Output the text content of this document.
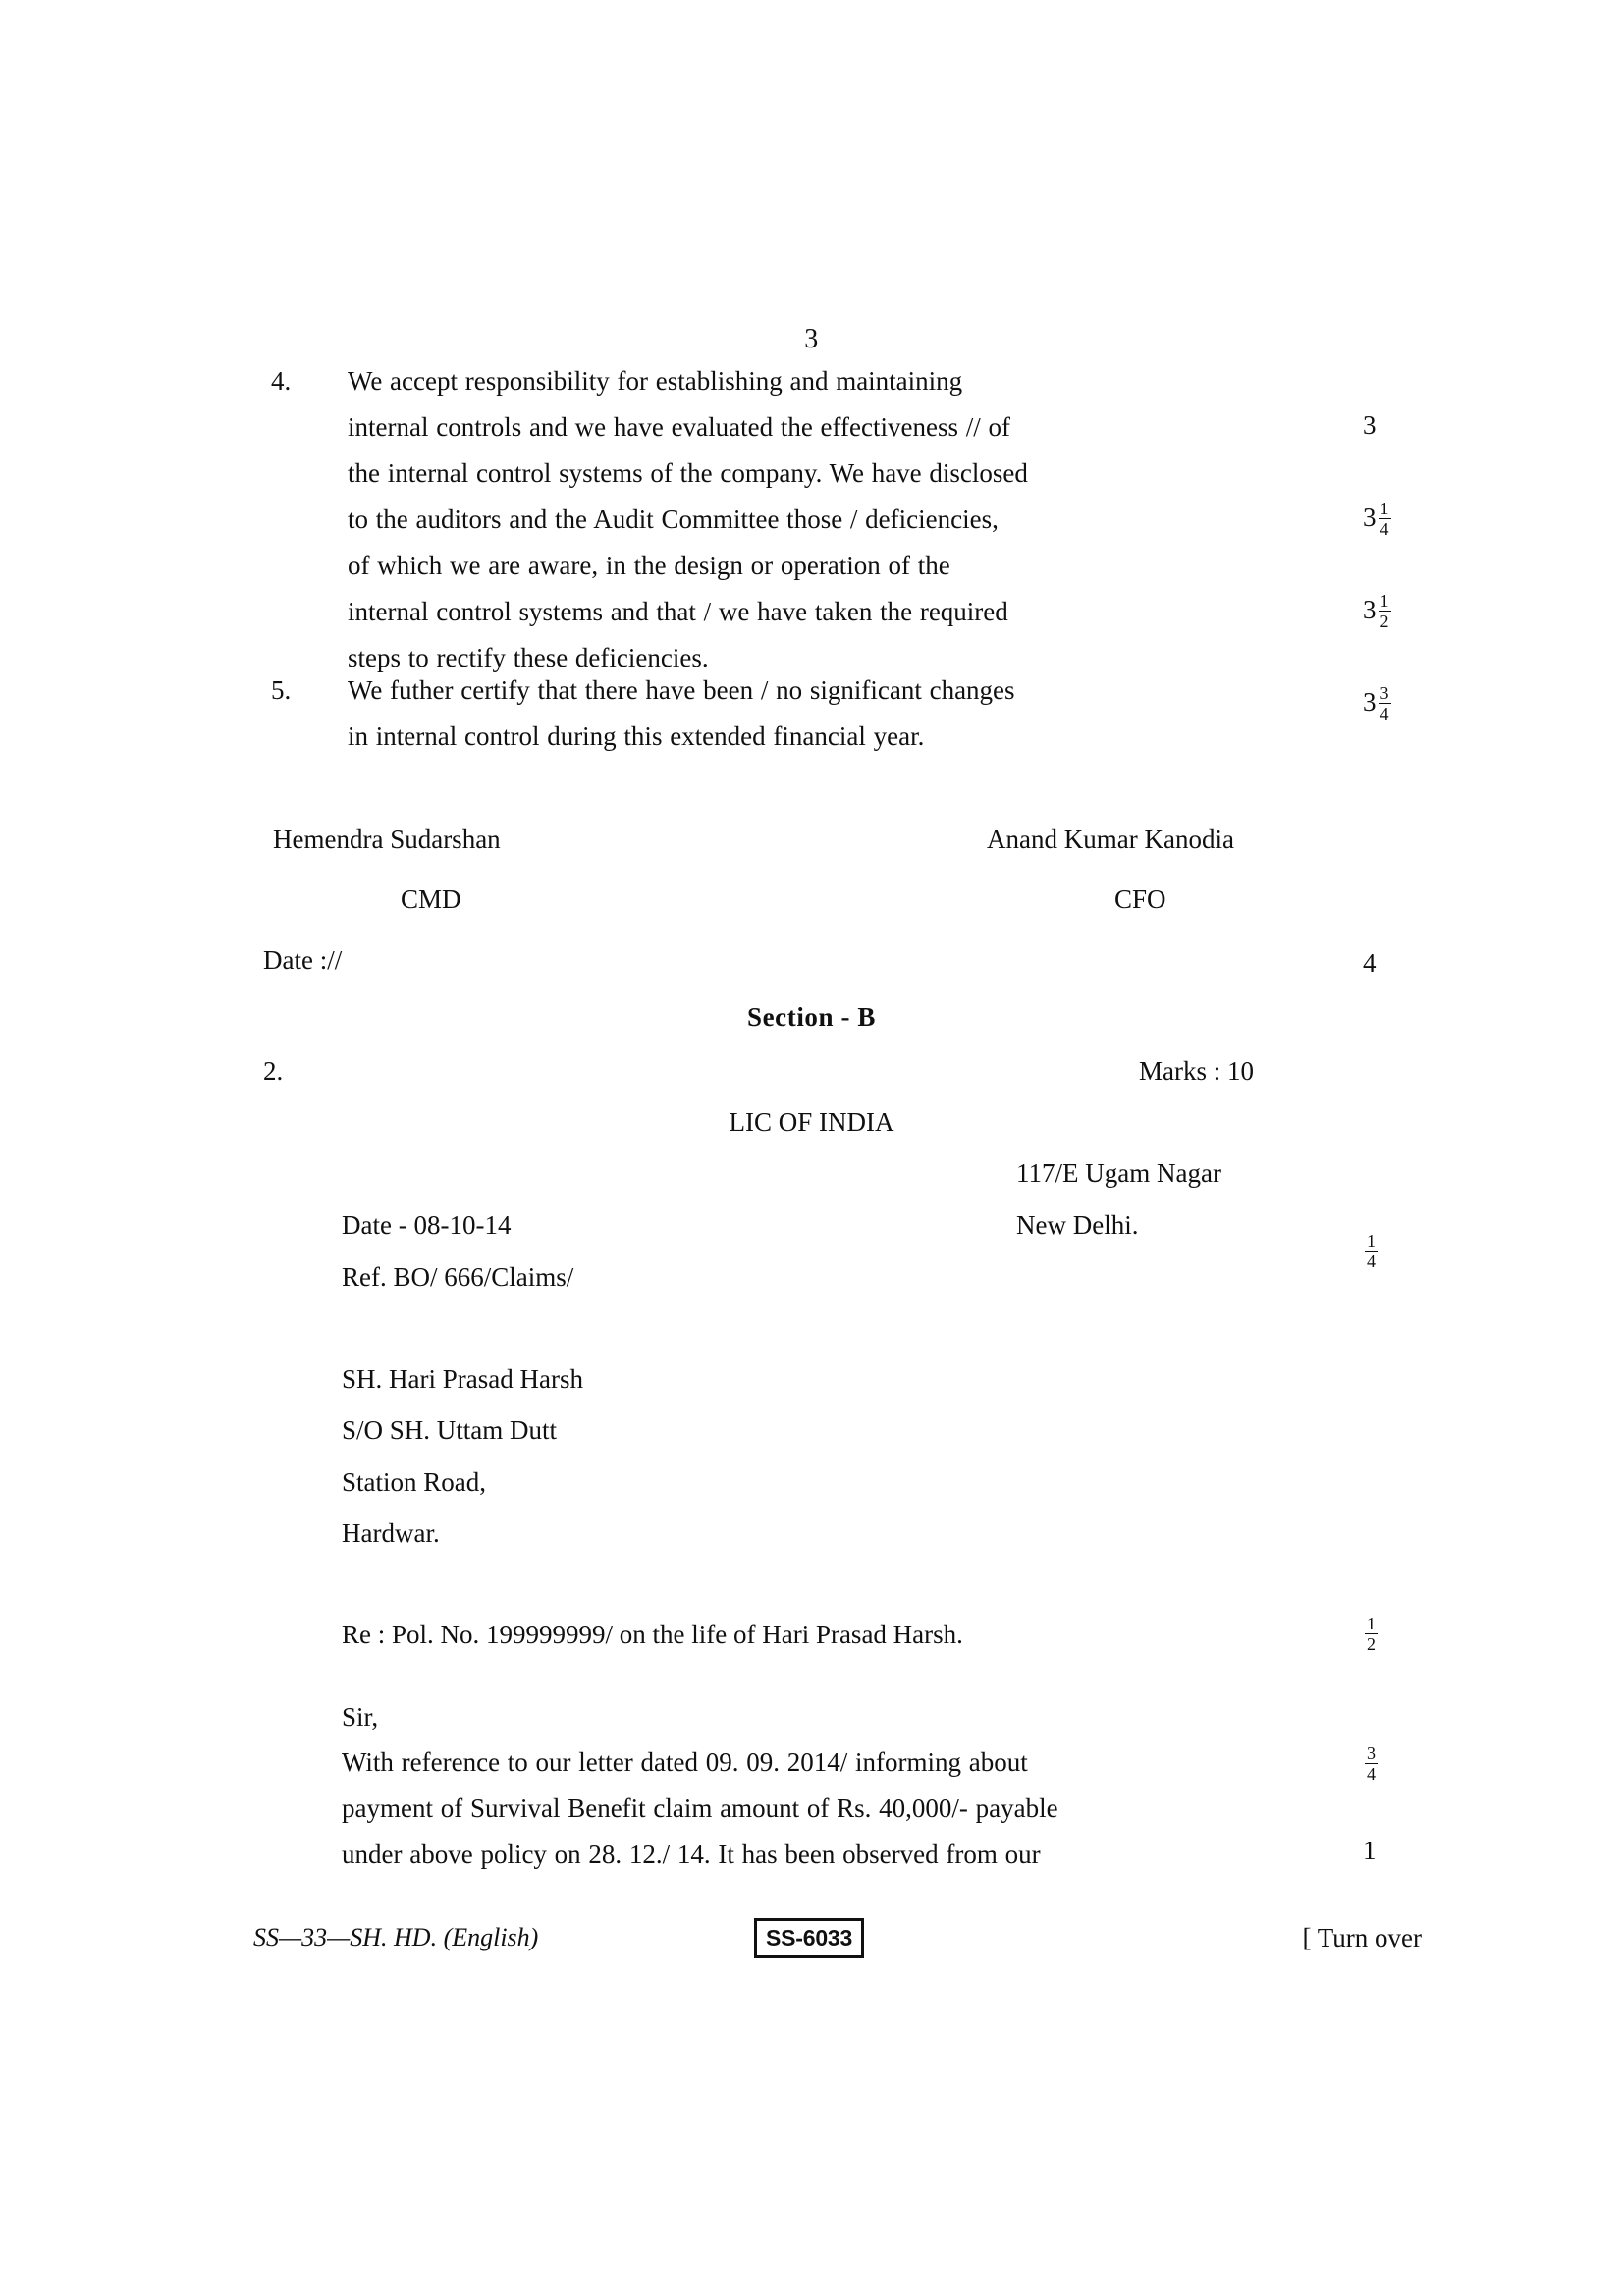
3
4.	We accept responsibility for establishing and maintaining

internal controls and we have evaluated the effectiveness // of

the internal control systems of the company. We have disclosed

to the auditors and the Audit Committee those / deficiencies,

of which we are aware, in the design or operation of the

internal control systems and that / we have taken the required

steps to rectify these deficiencies.

5.	We futher certify that there have been / no significant changes

in internal control during this extended financial year.

3
$3 \frac{1}{4}$
$3 \frac{1}{2}$
$3 \frac{3}{4}$
4
$\frac{1}{4}$
$\frac{1}{2}$
$\frac{3}{4}$
1
Hemendra Sudarshan	Anand Kumar Kanodia
CMD	CFO
Date ://
Section - B
2.	Marks : 10
LIC OF INDIA
117/E Ugam Nagar
New Delhi.
Date - 08-10-14
Ref. BO/ 666/Claims/
SH. Hari Prasad Harsh
S/O SH. Uttam Dutt
Station Road,
Hardwar.
Re : Pol. No. 199999999/ on the life of Hari Prasad Harsh.
Sir,

With reference to our letter dated 09. 09. 2014/ informing about

payment of Survival Benefit claim amount of Rs. 40,000/- payable

under above policy on 28. 12./ 14. It has been observed from our

SS—33—SH. HD. (English)	SS-6033	[ Turn over
